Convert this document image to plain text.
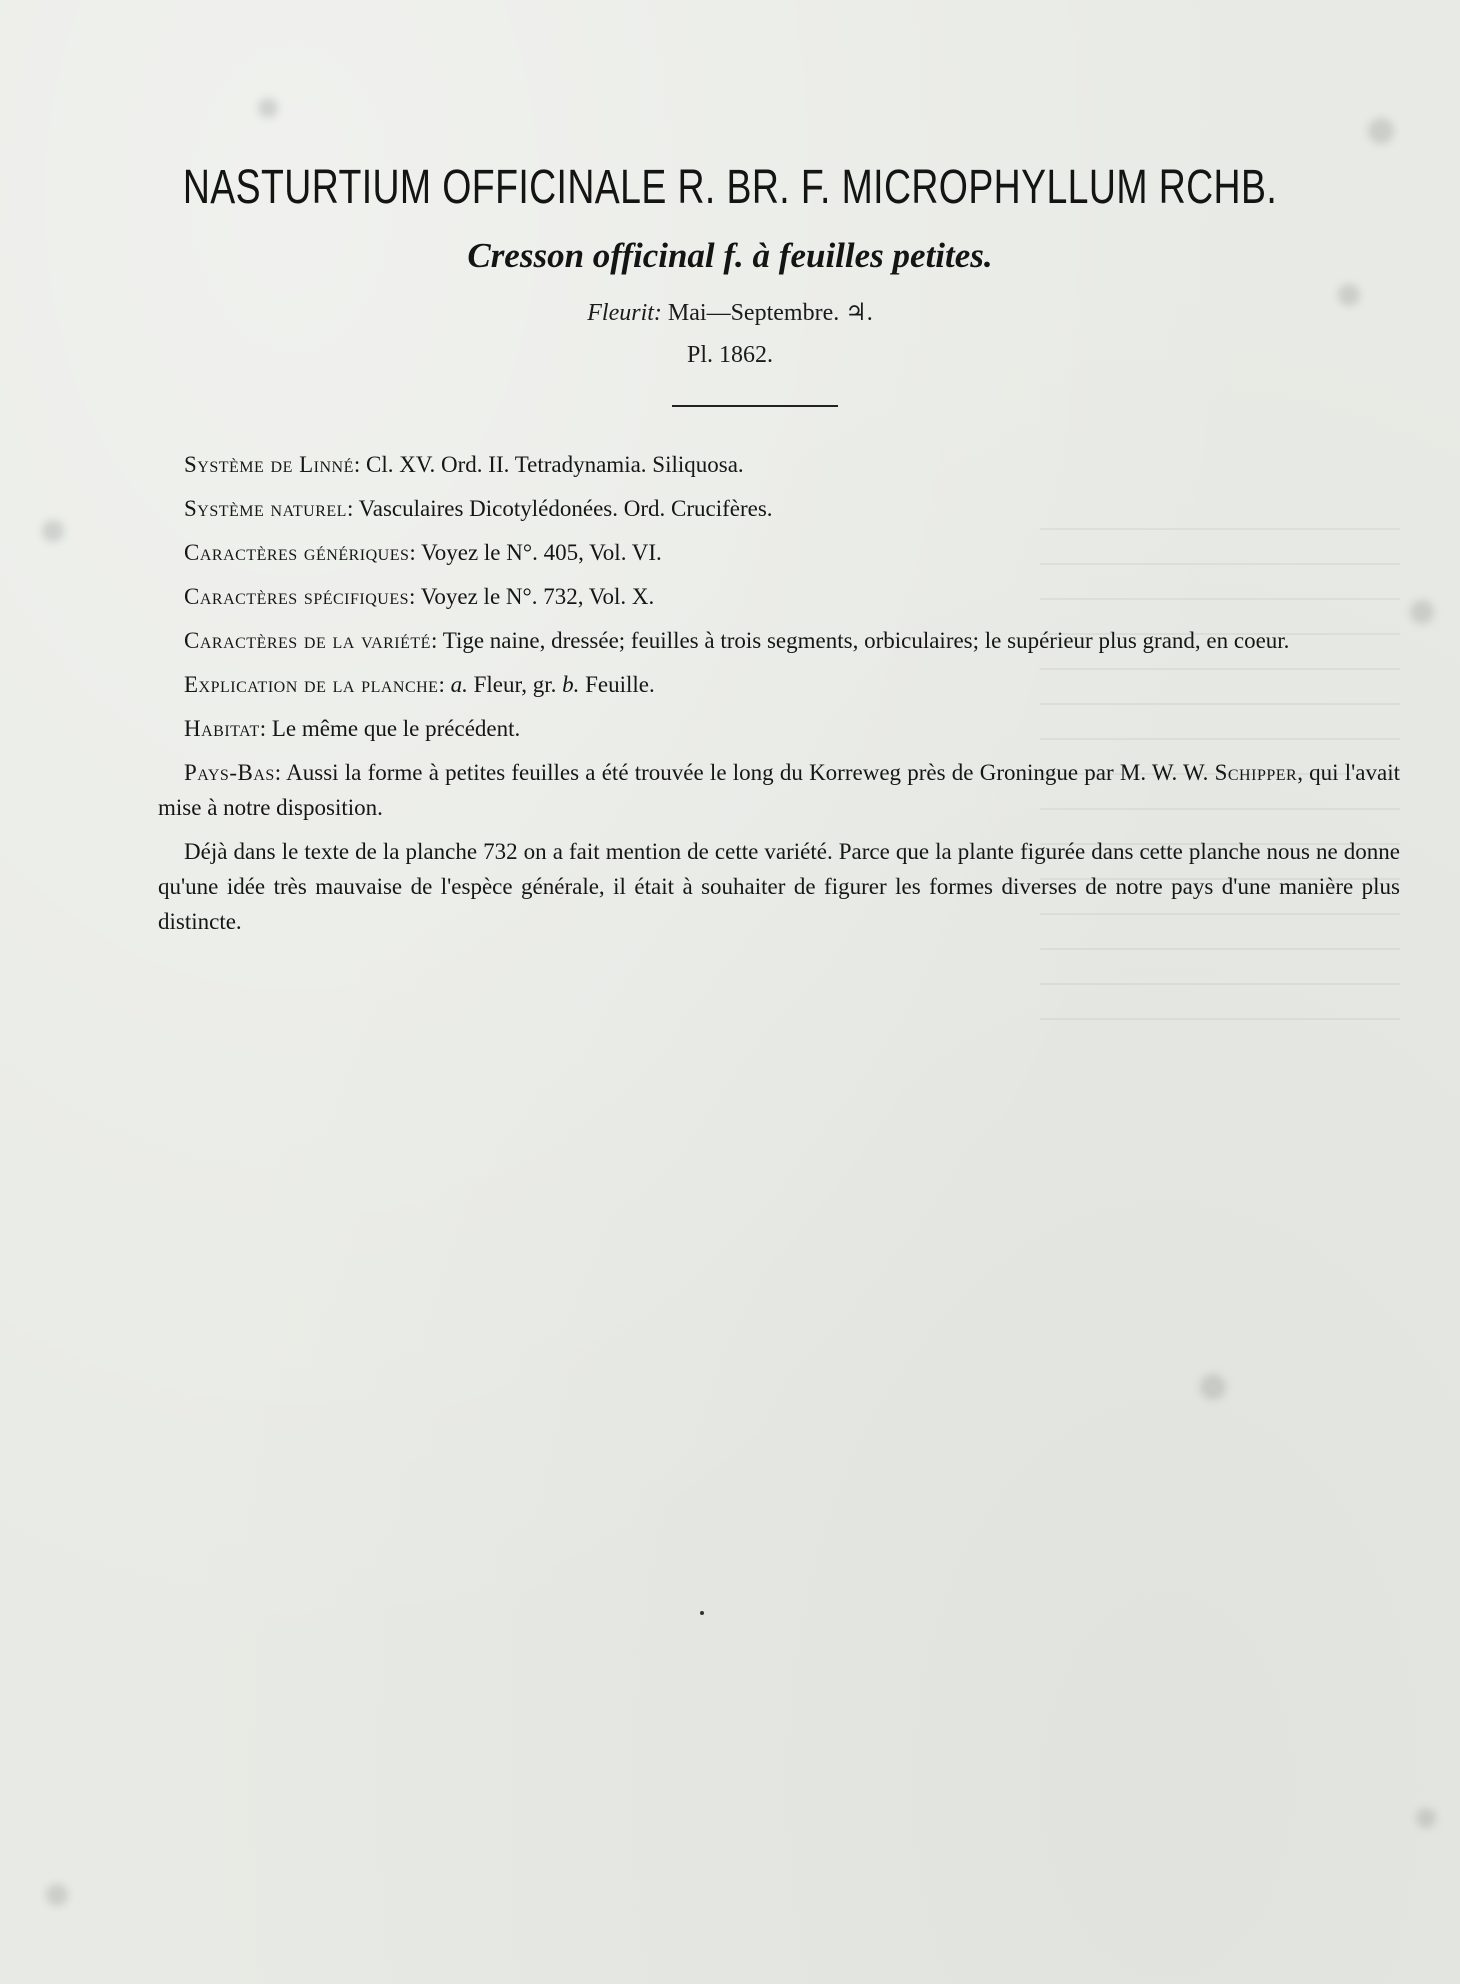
NASTURTIUM OFFICINALE R. BR. F. MICROPHYLLUM RCHB.
Cresson officinal f. à feuilles petites.
Fleurit: Mai—Septembre. ♃.
Pl. 1862.

Système de Linné: Cl. XV. Ord. II. Tetradynamia. Siliquosa.

Système naturel: Vasculaires Dicotylédonées. Ord. Crucifères.

Caractères génériques: Voyez le N°. 405, Vol. VI.

Caractères spécifiques: Voyez le N°. 732, Vol. X.

Caractères de la variété: Tige naine, dressée; feuilles à trois segments, orbiculaires; le supérieur plus grand, en coeur.

Explication de la planche: a. Fleur, gr. b. Feuille.

Habitat: Le même que le précédent.

Pays-Bas: Aussi la forme à petites feuilles a été trouvée le long du Korreweg près de Groningue par M. W. W. Schipper, qui l'avait mise à notre disposition.

Déjà dans le texte de la planche 732 on a fait mention de cette variété. Parce que la plante figurée dans cette planche nous ne donne qu'une idée très mauvaise de l'espèce générale, il était à souhaiter de figurer les formes diverses de notre pays d'une manière plus distincte.
